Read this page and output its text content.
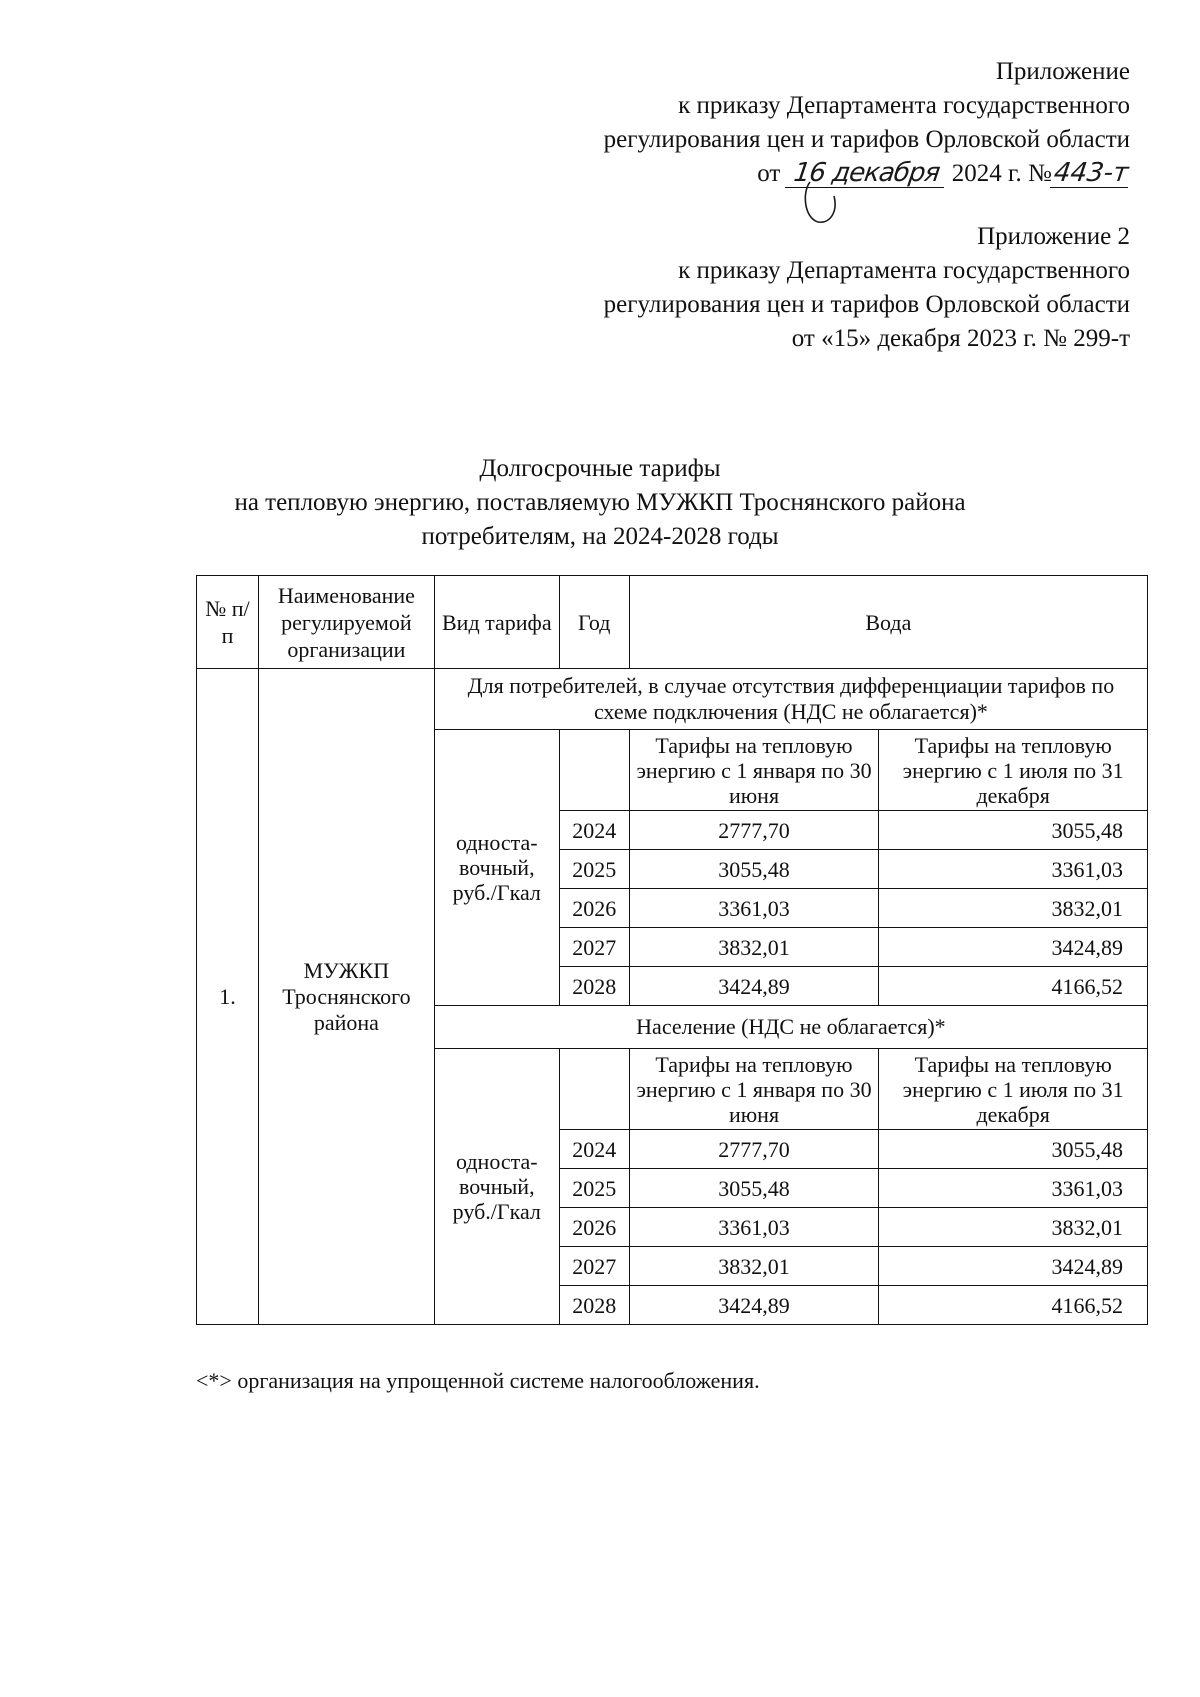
Приложение
к приказу Департамента государственного
регулирования цен и тарифов Орловской области
от 16 декабря 2024 г. №443-т
Приложение 2
к приказу Департамента государственного
регулирования цен и тарифов Орловской области
от «15» декабря 2023 г. № 299-т
Долгосрочные тарифы
на тепловую энергию, поставляемую МУЖКП Троснянского района
потребителям, на 2024-2028 годы
№ п/п	Наименование регулируемой организации	Вид тарифа	Год	Вода	
1.	МУЖКП Троснянского района	Для потребителей, в случае отсутствия дифференциации тарифов по схеме подключения (НДС не облагается)*			
		односта- вочный, руб./Гкал		Тарифы на тепловую энергию с 1 января по 30 июня	Тарифы на тепловую энергию с 1 июля по 31 декабря
			2024	2777,70	3055,48
			2025	3055,48	3361,03
			2026	3361,03	3832,01
			2027	3832,01	3424,89
			2028	3424,89	4166,52
		Население (НДС не облагается)*			
		односта- вочный, руб./Гкал		Тарифы на тепловую энергию с 1 января по 30 июня	Тарифы на тепловую энергию с 1 июля по 31 декабря
			2024	2777,70	3055,48
			2025	3055,48	3361,03
			2026	3361,03	3832,01
			2027	3832,01	3424,89
			2028	3424,89	4166,52
<*> организация на упрощенной системе налогообложения.
